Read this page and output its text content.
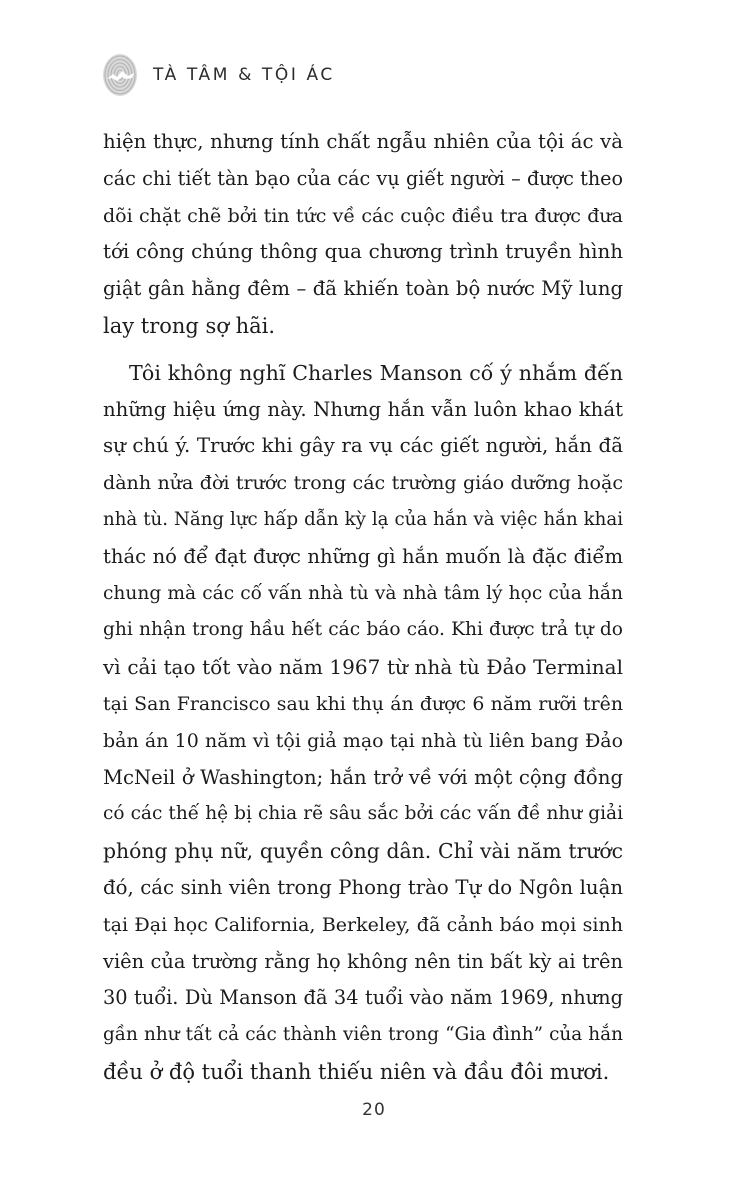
TÀ TÂM & TỘI ÁC
hiện thực, nhưng tính chất ngẫu nhiên của tội ác và
các chi tiết tàn bạo của các vụ giết người – được theo
dõi chặt chẽ bởi tin tức về các cuộc điều tra được đưa
tới công chúng thông qua chương trình truyền hình
giật gân hằng đêm – đã khiến toàn bộ nước Mỹ lung
lay trong sợ hãi.
Tôi không nghĩ Charles Manson cố ý nhắm đến
những hiệu ứng này. Nhưng hắn vẫn luôn khao khát
sự chú ý. Trước khi gây ra vụ các giết người, hắn đã
dành nửa đời trước trong các trường giáo dưỡng hoặc
nhà tù. Năng lực hấp dẫn kỳ lạ của hắn và việc hắn khai
thác nó để đạt được những gì hắn muốn là đặc điểm
chung mà các cố vấn nhà tù và nhà tâm lý học của hắn
ghi nhận trong hầu hết các báo cáo. Khi được trả tự do
vì cải tạo tốt vào năm 1967 từ nhà tù Đảo Terminal
tại San Francisco sau khi thụ án được 6 năm rưỡi trên
bản án 10 năm vì tội giả mạo tại nhà tù liên bang Đảo
McNeil ở Washington; hắn trở về với một cộng đồng
có các thế hệ bị chia rẽ sâu sắc bởi các vấn đề như giải
phóng phụ nữ, quyền công dân. Chỉ vài năm trước
đó, các sinh viên trong Phong trào Tự do Ngôn luận
tại Đại học California, Berkeley, đã cảnh báo mọi sinh
viên của trường rằng họ không nên tin bất kỳ ai trên
30 tuổi. Dù Manson đã 34 tuổi vào năm 1969, nhưng
gần như tất cả các thành viên trong “Gia đình” của hắn
đều ở độ tuổi thanh thiếu niên và đầu đôi mươi.
20
